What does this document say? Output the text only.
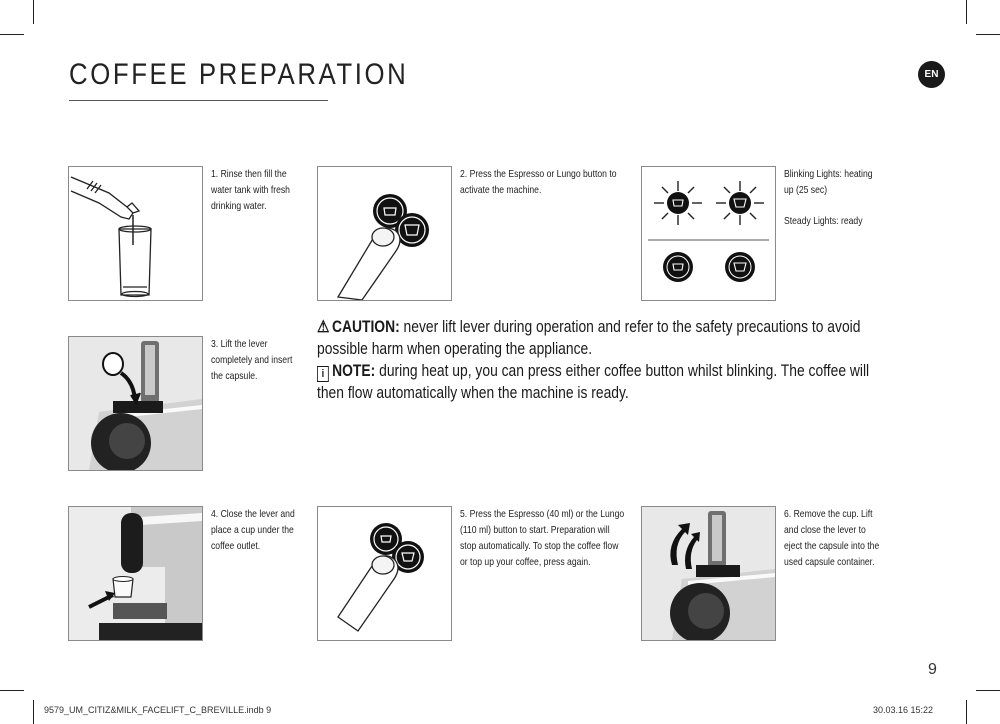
COFFEE PREPARATION	EN
1. Rinse then fill the water tank with fresh drinking water.
2. Press the Espresso or Lungo button to activate the machine.
Blinking Lights: heating up (25 sec)
Steady Lights: ready
3. Lift the lever completely and insert the capsule.

⚠ CAUTION: never lift lever during operation and refer to the safety precautions to avoid possible harm when operating the appliance.

i NOTE: during heat up, you can press either coffee button whilst blinking. The coffee will then flow automatically when the machine is ready.

4. Close the lever and place a cup under the coffee outlet.
5. Press the Espresso (40 ml) or the Lungo (110 ml) button to start. Preparation will stop automatically. To stop the coffee flow or top up your coffee, press again.
6. Remove the cup. Lift and close the lever to eject the capsule into the used capsule container.
9
9579_UM_CITIZ&MILK_FACELIFT_C_BREVILLE.indb 9	30.03.16 15:22
